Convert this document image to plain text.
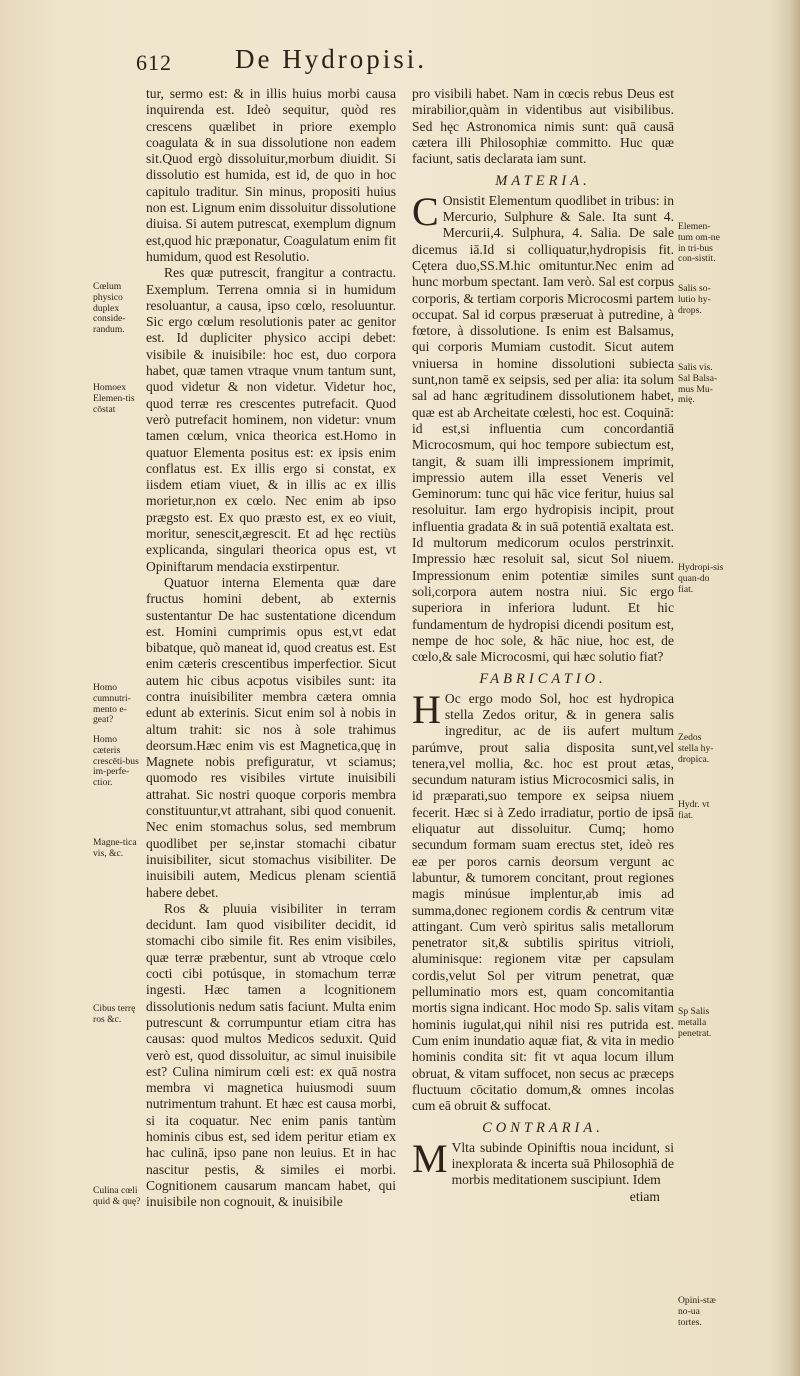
612 De Hydropisi.

tur, sermo est: & in illis huius morbi causa inquirenda est. Ideò sequitur, quòd res crescens quælibet in priore exemplo coagulata & in sua dissolutione non eadem sit.Quod ergò dissoluitur,morbum diuidit. Si dissolutio est humida, est id, de quo in hoc capitulo traditur. Sin minus, propositi huius non est. Lignum enim dissoluitur dissolutione diuisa. Si autem putrescat, exemplum dignum est,quod hic præponatur, Coagulatum enim fit humidum, quod est Resolutio.

Res quæ putrescit, frangitur a contractu. Exemplum. Terrena omnia si in humidum resoluantur, a causa, ipso cœlo, resoluuntur. Sic ergo cœlum resolutionis pater ac genitor est. Id dupliciter physico accipi debet: visibile & inuisibile: hoc est, duo corpora habet, quæ tamen vtraque vnum tantum sunt, quod videtur & non videtur. Videtur hoc, quod terræ res crescentes putrefacit. Quod verò putrefacit hominem, non videtur: vnum tamen cœlum, vnica theorica est.Homo in quatuor Elementa positus est: ex ipsis enim conflatus est. Ex illis ergo si constat, ex iisdem etiam viuet, & in illis ac ex illis morietur,non ex cœlo. Nec enim ab ipso prægsto est. Ex quo præsto est, ex eo viuit, moritur, senescit,ægrescit. Et ad hęc rectiùs explicanda, singulari theorica opus est, vt Opiniftarum mendacia exstirpentur.

Quatuor interna Elementa quæ dare fructus homini debent, ab externis sustentantur De hac sustentatione dicendum est. Homini cumprimis opus est,vt edat bibatque, quò maneat id, quod creatus est. Est enim cæteris crescentibus imperfectior. Sicut autem hic cibus acpotus visibiles sunt: ita contra inuisibiliter membra cætera omnia edunt ab exterinis. Sicut enim sol à nobis in altum trahit: sic nos à sole trahimus deorsum.Hæc enim vis est Magnetica,quę in Magnete nobis prefiguratur, vt sciamus; quomodo res visibiles virtute inuisibili attrahat. Sic nostri quoque corporis membra constituuntur,vt attrahant, sibi quod conuenit. Nec enim stomachus solus, sed membrum quodlibet per se,instar stomachi cibatur inuisibiliter, sicut stomachus visibiliter. De inuisibili autem, Medicus plenam scientiā habere debet.

Ros & pluuia visibiliter in terram decidunt. Iam quod visibiliter decidit, id stomachi cibo simile fit. Res enim visibiles, quæ terræ præbentur, sunt ab vtroque cœlo cocti cibi potúsque, in stomachum terræ ingesti. Hæc tamen a lcognitionem dissolutionis nedum satis faciunt. Multa enim putrescunt & corrumpuntur etiam citra has causas: quod multos Medicos seduxit. Quid verò est, quod dissoluitur, ac simul inuisibile est? Culina nimirum cœli est: ex quā nostra membra vi magnetica huiusmodi suum nutrimentum trahunt. Et hæc est causa morbi, si ita coquatur. Nec enim panis tantùm hominis cibus est, sed idem peritur etiam ex hac culinā, ipso pane non leuius. Et in hac nascitur pestis, & similes ei morbi. Cognitionem causarum mancam habet, qui inuisibile non cognouit, & inuisibile

pro visibili habet. Nam in cœcis rebus Deus est mirabilior,quàm in videntibus aut visibilibus. Sed hęc Astronomica nimis sunt: quā causā cætera illi Philosophiæ committo. Huc quæ faciunt, satis declarata iam sunt.

MATERIA.

C Onsistit Elementum quodlibet in tribus: in Mercurio, Sulphure & Sale. Ita sunt 4. Mercurii,4. Sulphura, 4. Salia. De sale dicemus iā.Id si colliquatur,hydropisis fit. Cętera duo,SS.M.hic omituntur.Nec enim ad hunc morbum spectant. Iam verò. Sal est corpus corporis, & tertiam corporis Microcosmi partem occupat. Sal id corpus præseruat à putredine, à fœtore, à dissolutione. Is enim est Balsamus, qui corporis Mumiam custodit. Sicut autem vniuersa in homine dissolutioni subiecta sunt,non tamē ex seipsis, sed per alia: ita solum sal ad hanc ægritudinem dissolutionem habet, quæ est ab Archeitate cœlesti, hoc est. Coquinā: id est,si influentia cum concordantiā Microcosmum, qui hoc tempore subiectum est, tangit, & suam illi impressionem imprimit, impressio autem illa esset Veneris vel Geminorum: tunc qui hāc vice feritur, huius sal resoluitur. Iam ergo hydropisis incipit, prout influentia gradata & in suā potentiā exaltata est. Id multorum medicorum oculos perstrinxit. Impressio hæc resoluit sal, sicut Sol niuem. Impressionum enim potentiæ similes sunt soli,corpora autem nostra niui. Sic ergo superiora in inferiora ludunt. Et hic fundamentum de hydropisi dicendi positum est, nempe de hoc sole, & hāc niue, hoc est, de cœlo,& sale Microcosmi, qui hæc solutio fiat?

FABRICATIO.

H Oc ergo modo Sol, hoc est hydropica stella Zedos oritur, & in genera salis ingreditur, ac de iis aufert multum parúmve, prout salia disposita sunt,vel tenera,vel mollia, &c. hoc est prout ætas, secundum naturam istius Microcosmici salis, in id præparati,suo tempore ex seipsa niuem fecerit. Hæc si à Zedo irradiatur, portio de ipsā eliquatur aut dissoluitur. Cumq; homo secundum formam suam erectus stet, ideò res eæ per poros carnis deorsum vergunt ac labuntur, & tumorem concitant, prout regiones magis minúsue implentur,ab imis ad summa,donec regionem cordis & centrum vitæ attingant. Cum verò spiritus salis metallorum penetrator sit,& subtilis spiritus vitrioli, aluminisque: regionem vitæ per capsulam cordis,velut Sol per vitrum penetrat, quæ pelluminatio mors est, quam concomitantia mortis signa indicant. Hoc modo Sp. salis vitam hominis iugulat,qui nihil nisi res putrida est. Cum enim inundatio aquæ fiat, & vita in medio hominis condita sit: fit vt aqua locum illum obruat, & vitam suffocet, non secus ac præceps fluctuum cōcitatio domum,& omnes incolas cum eā obruit & suffocat.

CONTRARIA.

M Vlta subinde Opiniftis noua incidunt, si inexplorata & incerta suā Philosophiā de morbis meditationem suscipiunt. Idem

etiam

Cœlum physico duplex conside-randum.
Homoex Elemen-tis cōstat
Homo cumnutri-mento e-geat?
Homo cæteris crescēti-bus im-perfe-ctior.
Magne-tica vis, &c.
Cibus terrę ros &c.
Culina cœli quid & quę?
Elemen-tum om-ne in tri-bus con-sistit.
Salis so-lutio hy-drops.
Salis vis. Sal Balsa-mus Mu-mię.
Hydropi-sis quan-do fiat.
Zedos stella hy-dropica.
Hydr. vt fiat.
Sp Salis metalla penetrat.
Opini-stæ no-ua tortes.
